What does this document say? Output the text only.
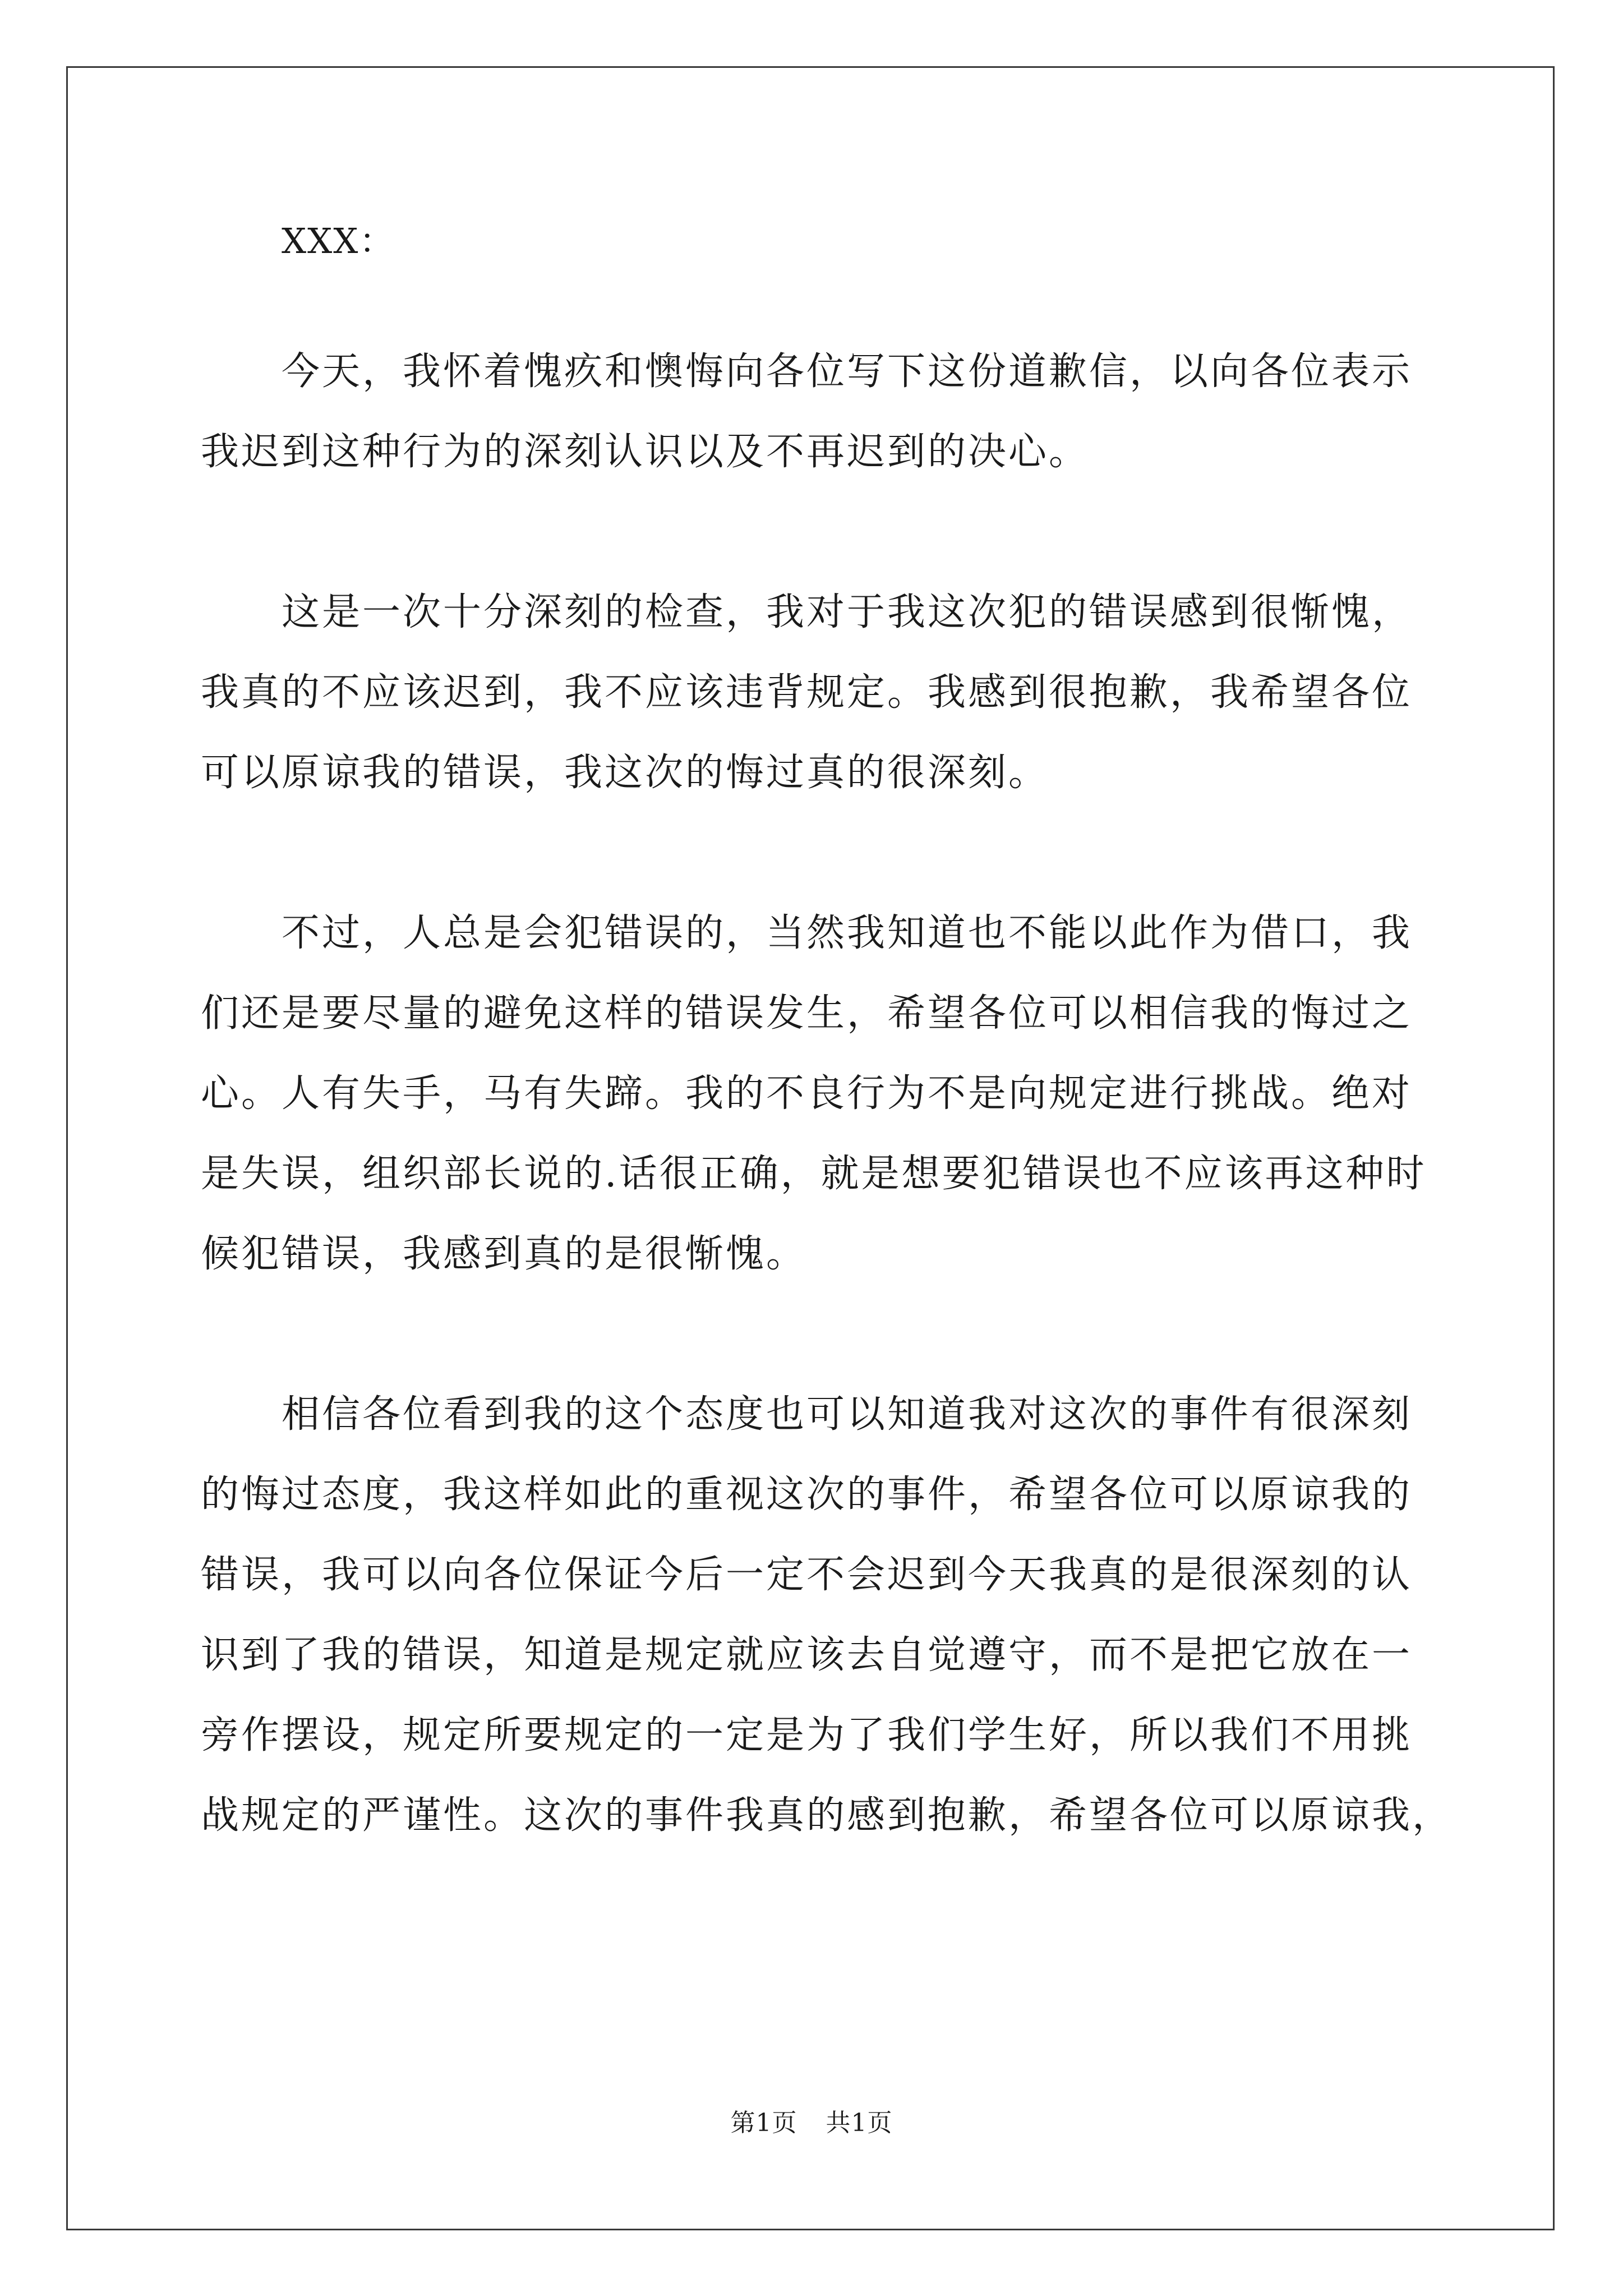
XXX：

今天，我怀着愧疚和懊悔向各位写下这份道歉信，以向各位表示
我迟到这种行为的深刻认识以及不再迟到的决心。

这是一次十分深刻的检查，我对于我这次犯的错误感到很惭愧，
我真的不应该迟到，我不应该违背规定。我感到很抱歉，我希望各位
可以原谅我的错误，我这次的悔过真的很深刻。

不过，人总是会犯错误的，当然我知道也不能以此作为借口，我
们还是要尽量的避免这样的错误发生，希望各位可以相信我的悔过之
心。人有失手，马有失蹄。我的不良行为不是向规定进行挑战。绝对
是失误，组织部长说的.话很正确，就是想要犯错误也不应该再这种时
候犯错误，我感到真的是很惭愧。

相信各位看到我的这个态度也可以知道我对这次的事件有很深刻
的悔过态度，我这样如此的重视这次的事件，希望各位可以原谅我的
错误，我可以向各位保证今后一定不会迟到今天我真的是很深刻的认
识到了我的错误，知道是规定就应该去自觉遵守，而不是把它放在一
旁作摆设，规定所要规定的一定是为了我们学生好，所以我们不用挑
战规定的严谨性。这次的事件我真的感到抱歉，希望各位可以原谅我，

第1页 共1页
